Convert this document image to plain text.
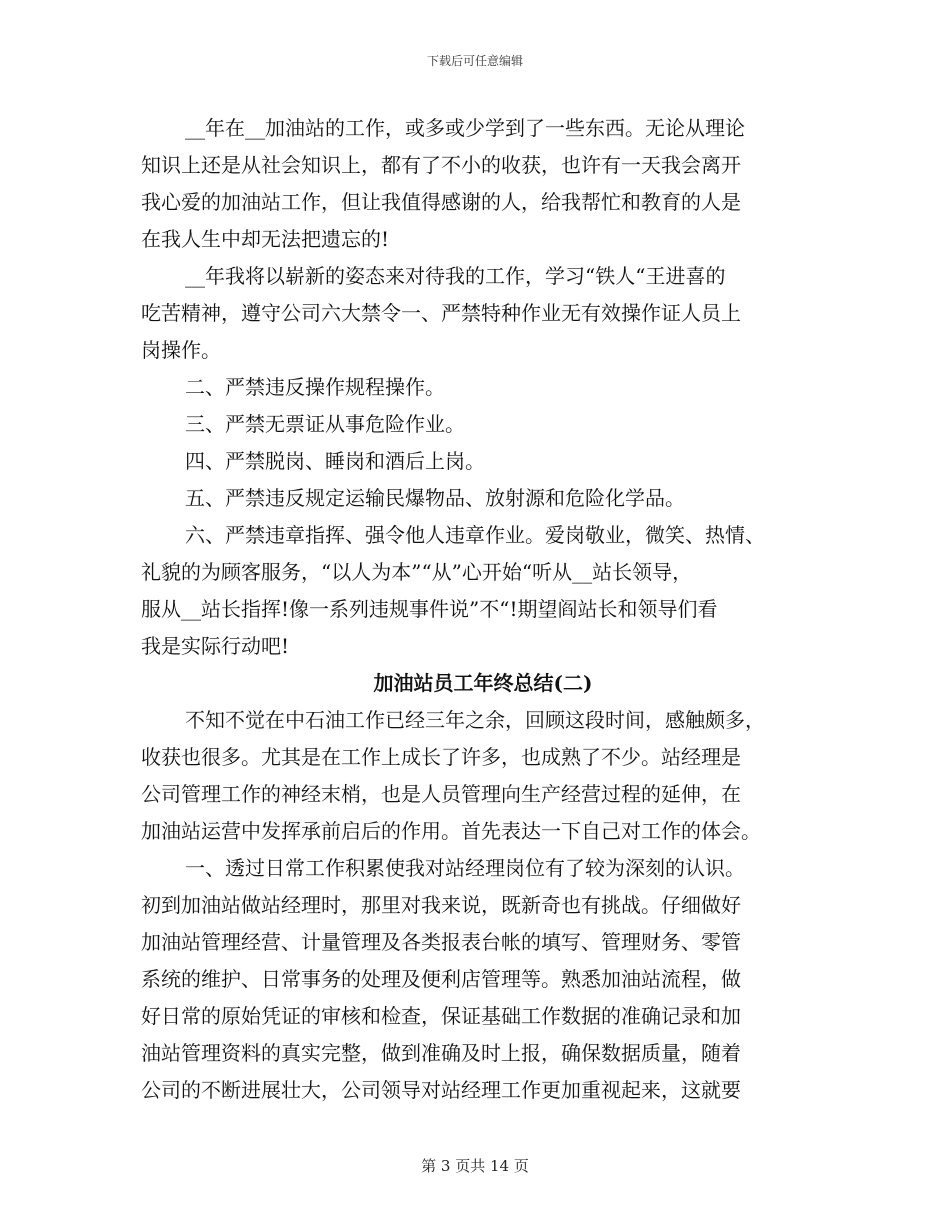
下载后可任意编辑
__年在__加油站的工作，或多或少学到了一些东西。无论从理论
知识上还是从社会知识上，都有了不小的收获，也许有一天我会离开
我心爱的加油站工作，但让我值得感谢的人，给我帮忙和教育的人是
在我人生中却无法把遗忘的!
__年我将以崭新的姿态来对待我的工作，学习“铁人“王进喜的
吃苦精神，遵守公司六大禁令一、严禁特种作业无有效操作证人员上
岗操作。
二、严禁违反操作规程操作。
三、严禁无票证从事危险作业。
四、严禁脱岗、睡岗和酒后上岗。
五、严禁违反规定运输民爆物品、放射源和危险化学品。
六、严禁违章指挥、强令他人违章作业。爱岗敬业，微笑、热情、
礼貌的为顾客服务，“以人为本”“从”心开始“听从__站长领导，
服从__站长指挥!像一系列违规事件说”不“!期望阎站长和领导们看
我是实际行动吧!
加油站员工年终总结(二)
不知不觉在中石油工作已经三年之余，回顾这段时间，感触颇多，
收获也很多。尤其是在工作上成长了许多，也成熟了不少。站经理是
公司管理工作的神经末梢，也是人员管理向生产经营过程的延伸，在
加油站运营中发挥承前启后的作用。首先表达一下自己对工作的体会。
一、透过日常工作积累使我对站经理岗位有了较为深刻的认识。
初到加油站做站经理时，那里对我来说，既新奇也有挑战。仔细做好
加油站管理经营、计量管理及各类报表台帐的填写、管理财务、零管
系统的维护、日常事务的处理及便利店管理等。熟悉加油站流程，做
好日常的原始凭证的审核和检查，保证基础工作数据的准确记录和加
油站管理资料的真实完整，做到准确及时上报，确保数据质量，随着
公司的不断进展壮大，公司领导对站经理工作更加重视起来，这就要
第 3 页共 14 页
